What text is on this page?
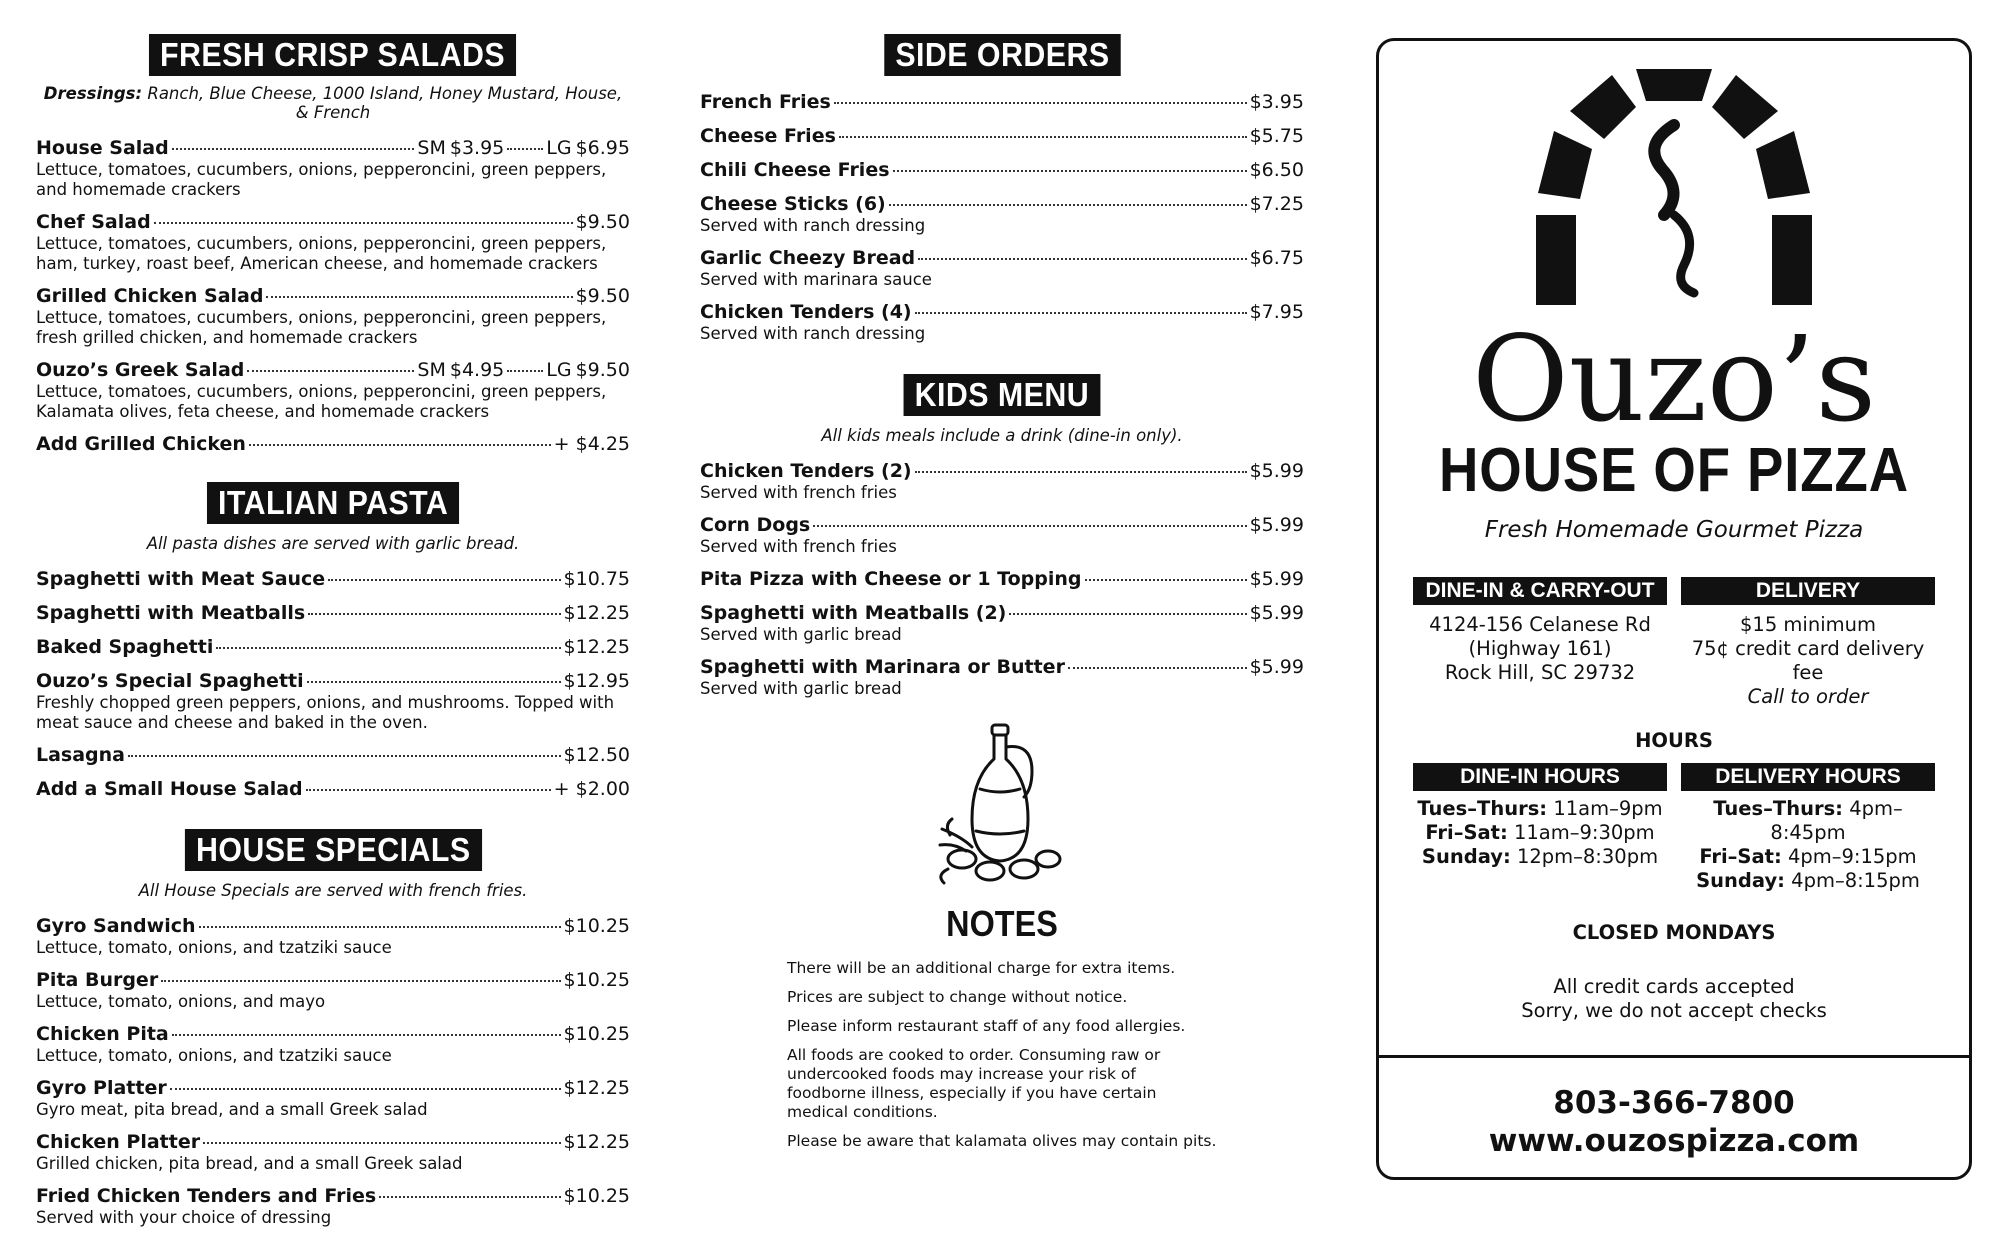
FRESH CRISP SALADS
Dressings: Ranch, Blue Cheese, 1000 Island, Honey Mustard, House, & French
House Salad	SM $3.95 LG $6.95
Lettuce, tomatoes, cucumbers, onions, pepperoncini, green peppers, and homemade crackers
Chef Salad	$9.50
Lettuce, tomatoes, cucumbers, onions, pepperoncini, green peppers, ham, turkey, roast beef, American cheese, and homemade crackers
Grilled Chicken Salad	$9.50
Lettuce, tomatoes, cucumbers, onions, pepperoncini, green peppers, fresh grilled chicken, and homemade crackers
Ouzo’s Greek Salad	SM $4.95 LG $9.50
Lettuce, tomatoes, cucumbers, onions, pepperoncini, green peppers, Kalamata olives, feta cheese, and homemade crackers
Add Grilled Chicken	+ $4.25
ITALIAN PASTA
All pasta dishes are served with garlic bread.
Spaghetti with Meat Sauce	$10.75
Spaghetti with Meatballs	$12.25
Baked Spaghetti	$12.25
Ouzo’s Special Spaghetti	$12.95
Freshly chopped green peppers, onions, and mushrooms. Topped with meat sauce and cheese and baked in the oven.
Lasagna	$12.50
Add a Small House Salad	+ $2.00
HOUSE SPECIALS
All House Specials are served with french fries.
Gyro Sandwich	$10.25
Lettuce, tomato, onions, and tzatziki sauce
Pita Burger	$10.25
Lettuce, tomato, onions, and mayo
Chicken Pita	$10.25
Lettuce, tomato, onions, and tzatziki sauce
Gyro Platter	$12.25
Gyro meat, pita bread, and a small Greek salad
Chicken Platter	$12.25
Grilled chicken, pita bread, and a small Greek salad
Fried Chicken Tenders and Fries	$10.25
Served with your choice of dressing
SIDE ORDERS
French Fries	$3.95
Cheese Fries	$5.75
Chili Cheese Fries	$6.50
Cheese Sticks (6)	$7.25
Served with ranch dressing
Garlic Cheezy Bread	$6.75
Served with marinara sauce
Chicken Tenders (4)	$7.95
Served with ranch dressing
KIDS MENU
All kids meals include a drink (dine-in only).
Chicken Tenders (2)	$5.99
Served with french fries
Corn Dogs	$5.99
Served with french fries
Pita Pizza with Cheese or 1 Topping	$5.99
Spaghetti with Meatballs (2)	$5.99
Served with garlic bread
Spaghetti with Marinara or Butter	$5.99
Served with garlic bread
NOTES
There will be an additional charge for extra items.
Prices are subject to change without notice.
Please inform restaurant staff of any food allergies.
All foods are cooked to order. Consuming raw or undercooked foods may increase your risk of foodborne illness, especially if you have certain medical conditions.
Please be aware that kalamata olives may contain pits.
Ouzo’s
HOUSE OF PIZZA
Fresh Homemade Gourmet Pizza
DINE-IN & CARRY-OUT
4124-156 Celanese Rd
(Highway 161)
Rock Hill, SC 29732
DELIVERY
$15 minimum
75¢ credit card delivery fee
Call to order
HOURS
DINE-IN HOURS
Tues–Thurs: 11am–9pm
Fri–Sat: 11am–9:30pm
Sunday: 12pm–8:30pm
DELIVERY HOURS
Tues–Thurs: 4pm–8:45pm
Fri–Sat: 4pm–9:15pm
Sunday: 4pm–8:15pm
CLOSED MONDAYS
All credit cards accepted
Sorry, we do not accept checks
803-366-7800
www.ouzospizza.com
